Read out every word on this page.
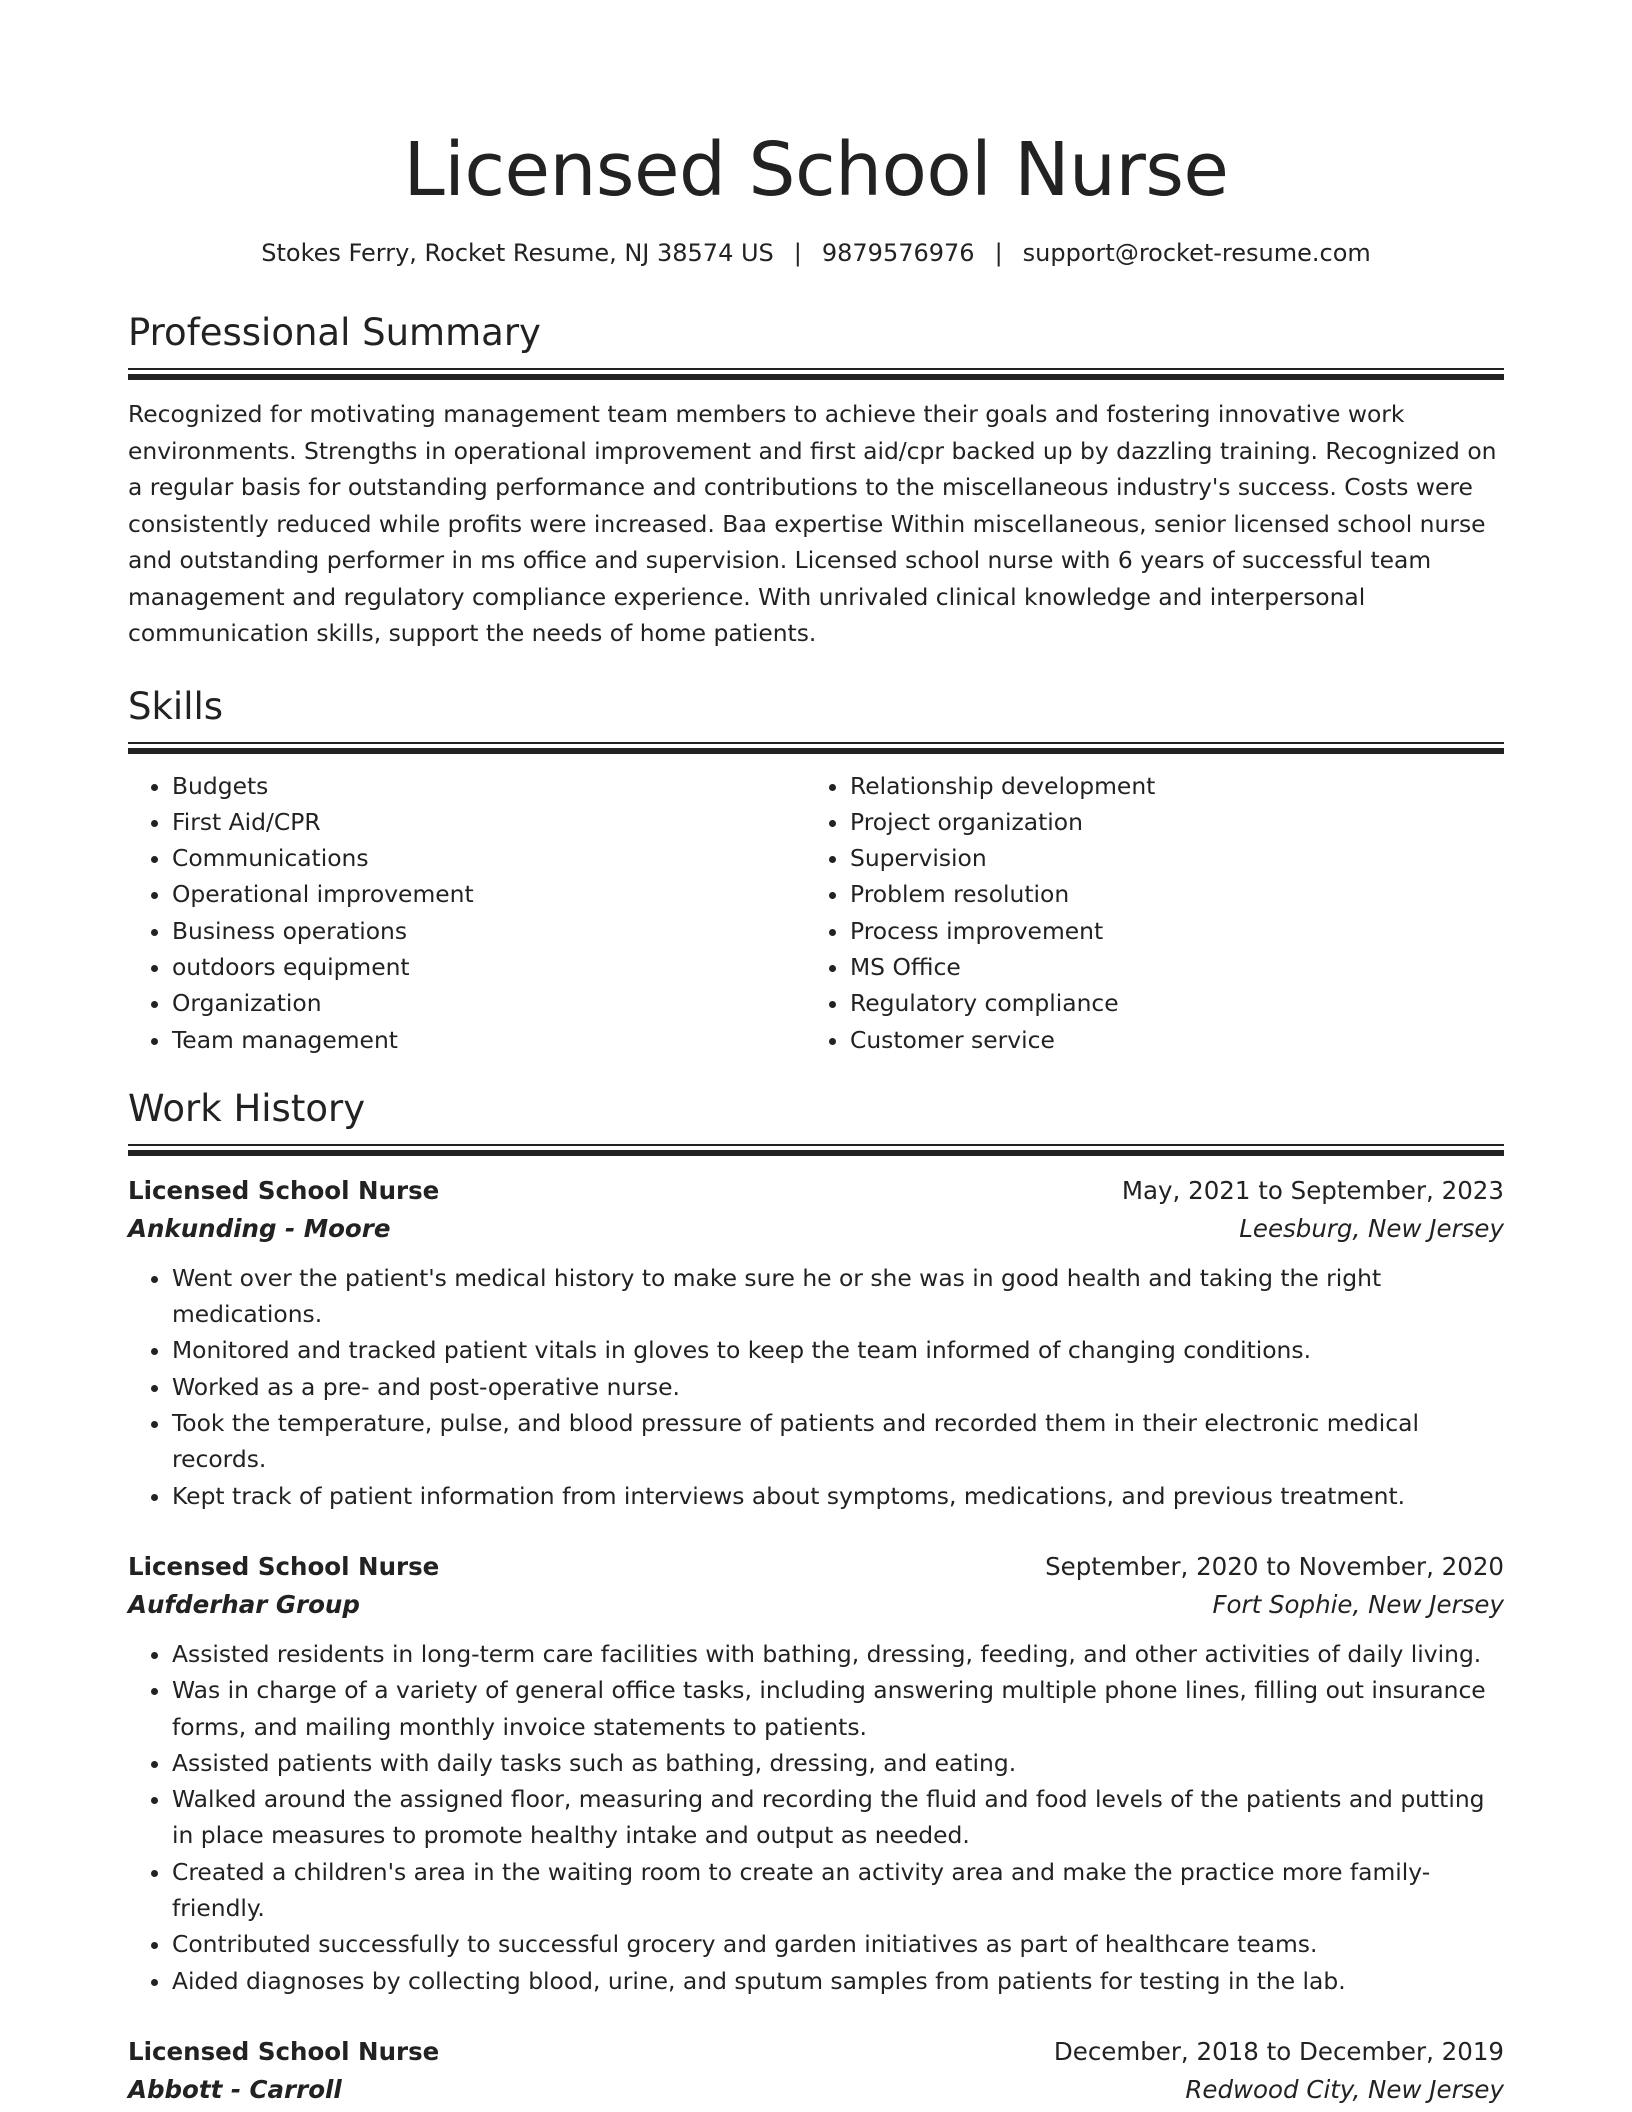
Licensed School Nurse
Stokes Ferry, Rocket Resume, NJ 38574 US | 9879576976 | support@rocket-resume.com
Professional Summary

Recognized for motivating management team members to achieve their goals and fostering innovative work environments. Strengths in operational improvement and first aid/cpr backed up by dazzling training. Recognized on a regular basis for outstanding performance and contributions to the miscellaneous industry's success. Costs were consistently reduced while profits were increased. Baa expertise Within miscellaneous, senior licensed school nurse and outstanding performer in ms office and supervision. Licensed school nurse with 6 years of successful team management and regulatory compliance experience. With unrivaled clinical knowledge and interpersonal communication skills, support the needs of home patients.

Skills
• Budgets
• First Aid/CPR
• Communications
• Operational improvement
• Business operations
• outdoors equipment
• Organization
• Team management
• Relationship development
• Project organization
• Supervision
• Problem resolution
• Process improvement
• MS Office
• Regulatory compliance
• Customer service
Work History
Licensed School Nurse	May, 2021 to September, 2023
Ankunding - Moore	Leesburg, New Jersey
• Went over the patient's medical history to make sure he or she was in good health and taking the right medications.
• Monitored and tracked patient vitals in gloves to keep the team informed of changing conditions.
• Worked as a pre- and post-operative nurse.
• Took the temperature, pulse, and blood pressure of patients and recorded them in their electronic medical records.
• Kept track of patient information from interviews about symptoms, medications, and previous treatment.
Licensed School Nurse	September, 2020 to November, 2020
Aufderhar Group	Fort Sophie, New Jersey
• Assisted residents in long-term care facilities with bathing, dressing, feeding, and other activities of daily living.
• Was in charge of a variety of general office tasks, including answering multiple phone lines, filling out insurance forms, and mailing monthly invoice statements to patients.
• Assisted patients with daily tasks such as bathing, dressing, and eating.
• Walked around the assigned floor, measuring and recording the fluid and food levels of the patients and putting in place measures to promote healthy intake and output as needed.
• Created a children's area in the waiting room to create an activity area and make the practice more family-friendly.
• Contributed successfully to successful grocery and garden initiatives as part of healthcare teams.
• Aided diagnoses by collecting blood, urine, and sputum samples from patients for testing in the lab.
Licensed School Nurse	December, 2018 to December, 2019
Abbott - Carroll	Redwood City, New Jersey
